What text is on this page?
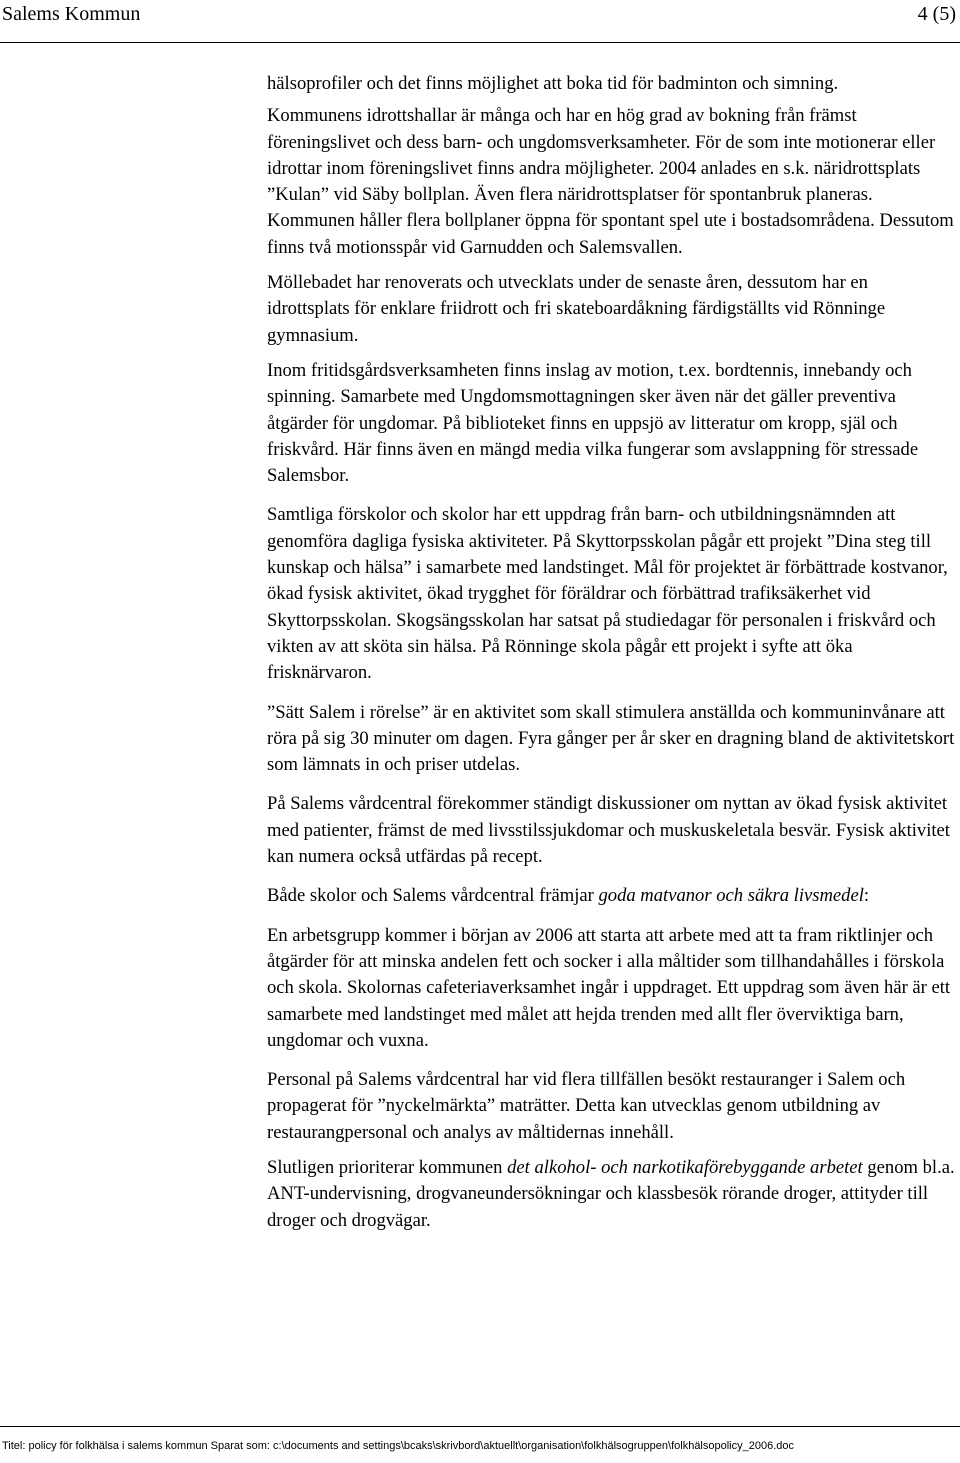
Salems Kommun	4 (5)

hälsoprofiler och det finns möjlighet att boka tid för badminton och simning.

Kommunens idrottshallar är många och har en hög grad av bokning från främst föreningslivet och dess barn- och ungdomsverksamheter. För de som inte motionerar eller idrottar inom föreningslivet finns andra möjligheter. 2004 anlades en s.k. näridrottsplats ”Kulan” vid Säby bollplan. Även flera näridrottsplatser för spontanbruk planeras. Kommunen håller flera bollplaner öppna för spontant spel ute i bostadsområdena. Dessutom finns två motionsspår vid Garnudden och Salemsvallen.

Möllebadet har renoverats och utvecklats under de senaste åren, dessutom har en idrottsplats för enklare friidrott och fri skateboardåkning färdigställts vid Rönninge gymnasium.

Inom fritidsgårdsverksamheten finns inslag av motion, t.ex. bordtennis, innebandy och spinning. Samarbete med Ungdomsmottagningen sker även när det gäller preventiva åtgärder för ungdomar. På biblioteket finns en uppsjö av litteratur om kropp, själ och friskvård. Här finns även en mängd media vilka fungerar som avslappning för stressade Salemsbor.

Samtliga förskolor och skolor har ett uppdrag från barn- och utbildningsnämnden att genomföra dagliga fysiska aktiviteter. På Skyttorpsskolan pågår ett projekt ”Dina steg till kunskap och hälsa” i samarbete med landstinget. Mål för projektet är förbättrade kostvanor, ökad fysisk aktivitet, ökad trygghet för föräldrar och förbättrad trafiksäkerhet vid Skyttorpsskolan. Skogsängsskolan har satsat på studiedagar för personalen i friskvård och vikten av att sköta sin hälsa. På Rönninge skola pågår ett projekt i syfte att öka frisknärvaron.

”Sätt Salem i rörelse” är en aktivitet som skall stimulera anställda och kommuninvånare att röra på sig 30 minuter om dagen. Fyra gånger per år sker en dragning bland de aktivitetskort som lämnats in och priser utdelas.

På Salems vårdcentral förekommer ständigt diskussioner om nyttan av ökad fysisk aktivitet med patienter, främst de med livsstilssjukdomar och muskuskeletala besvär. Fysisk aktivitet kan numera också utfärdas på recept.

Både skolor och Salems vårdcentral främjar goda matvanor och säkra livsmedel:

En arbetsgrupp kommer i början av 2006 att starta att arbete med att ta fram riktlinjer och åtgärder för att minska andelen fett och socker i alla måltider som tillhandahålles i förskola och skola. Skolornas cafeteriaverksamhet ingår i uppdraget. Ett uppdrag som även här är ett samarbete med landstinget med målet att hejda trenden med allt fler överviktiga barn, ungdomar och vuxna.

Personal på Salems vårdcentral har vid flera tillfällen besökt restauranger i Salem och propagerat för ”nyckelmärkta” maträtter. Detta kan utvecklas genom utbildning av restaurangpersonal och analys av måltidernas innehåll.

Slutligen prioriterar kommunen det alkohol- och narkotikaförebyggande arbetet genom bl.a. ANT-undervisning, drogvaneundersökningar och klassbesök rörande droger, attityder till droger och drogvägar.

Titel: policy för folkhälsa i salems kommun Sparat som: c:\documents and settings\bcaks\skrivbord\aktuellt\organisation\folkhälsogruppen\folkhälsopolicy_2006.doc
